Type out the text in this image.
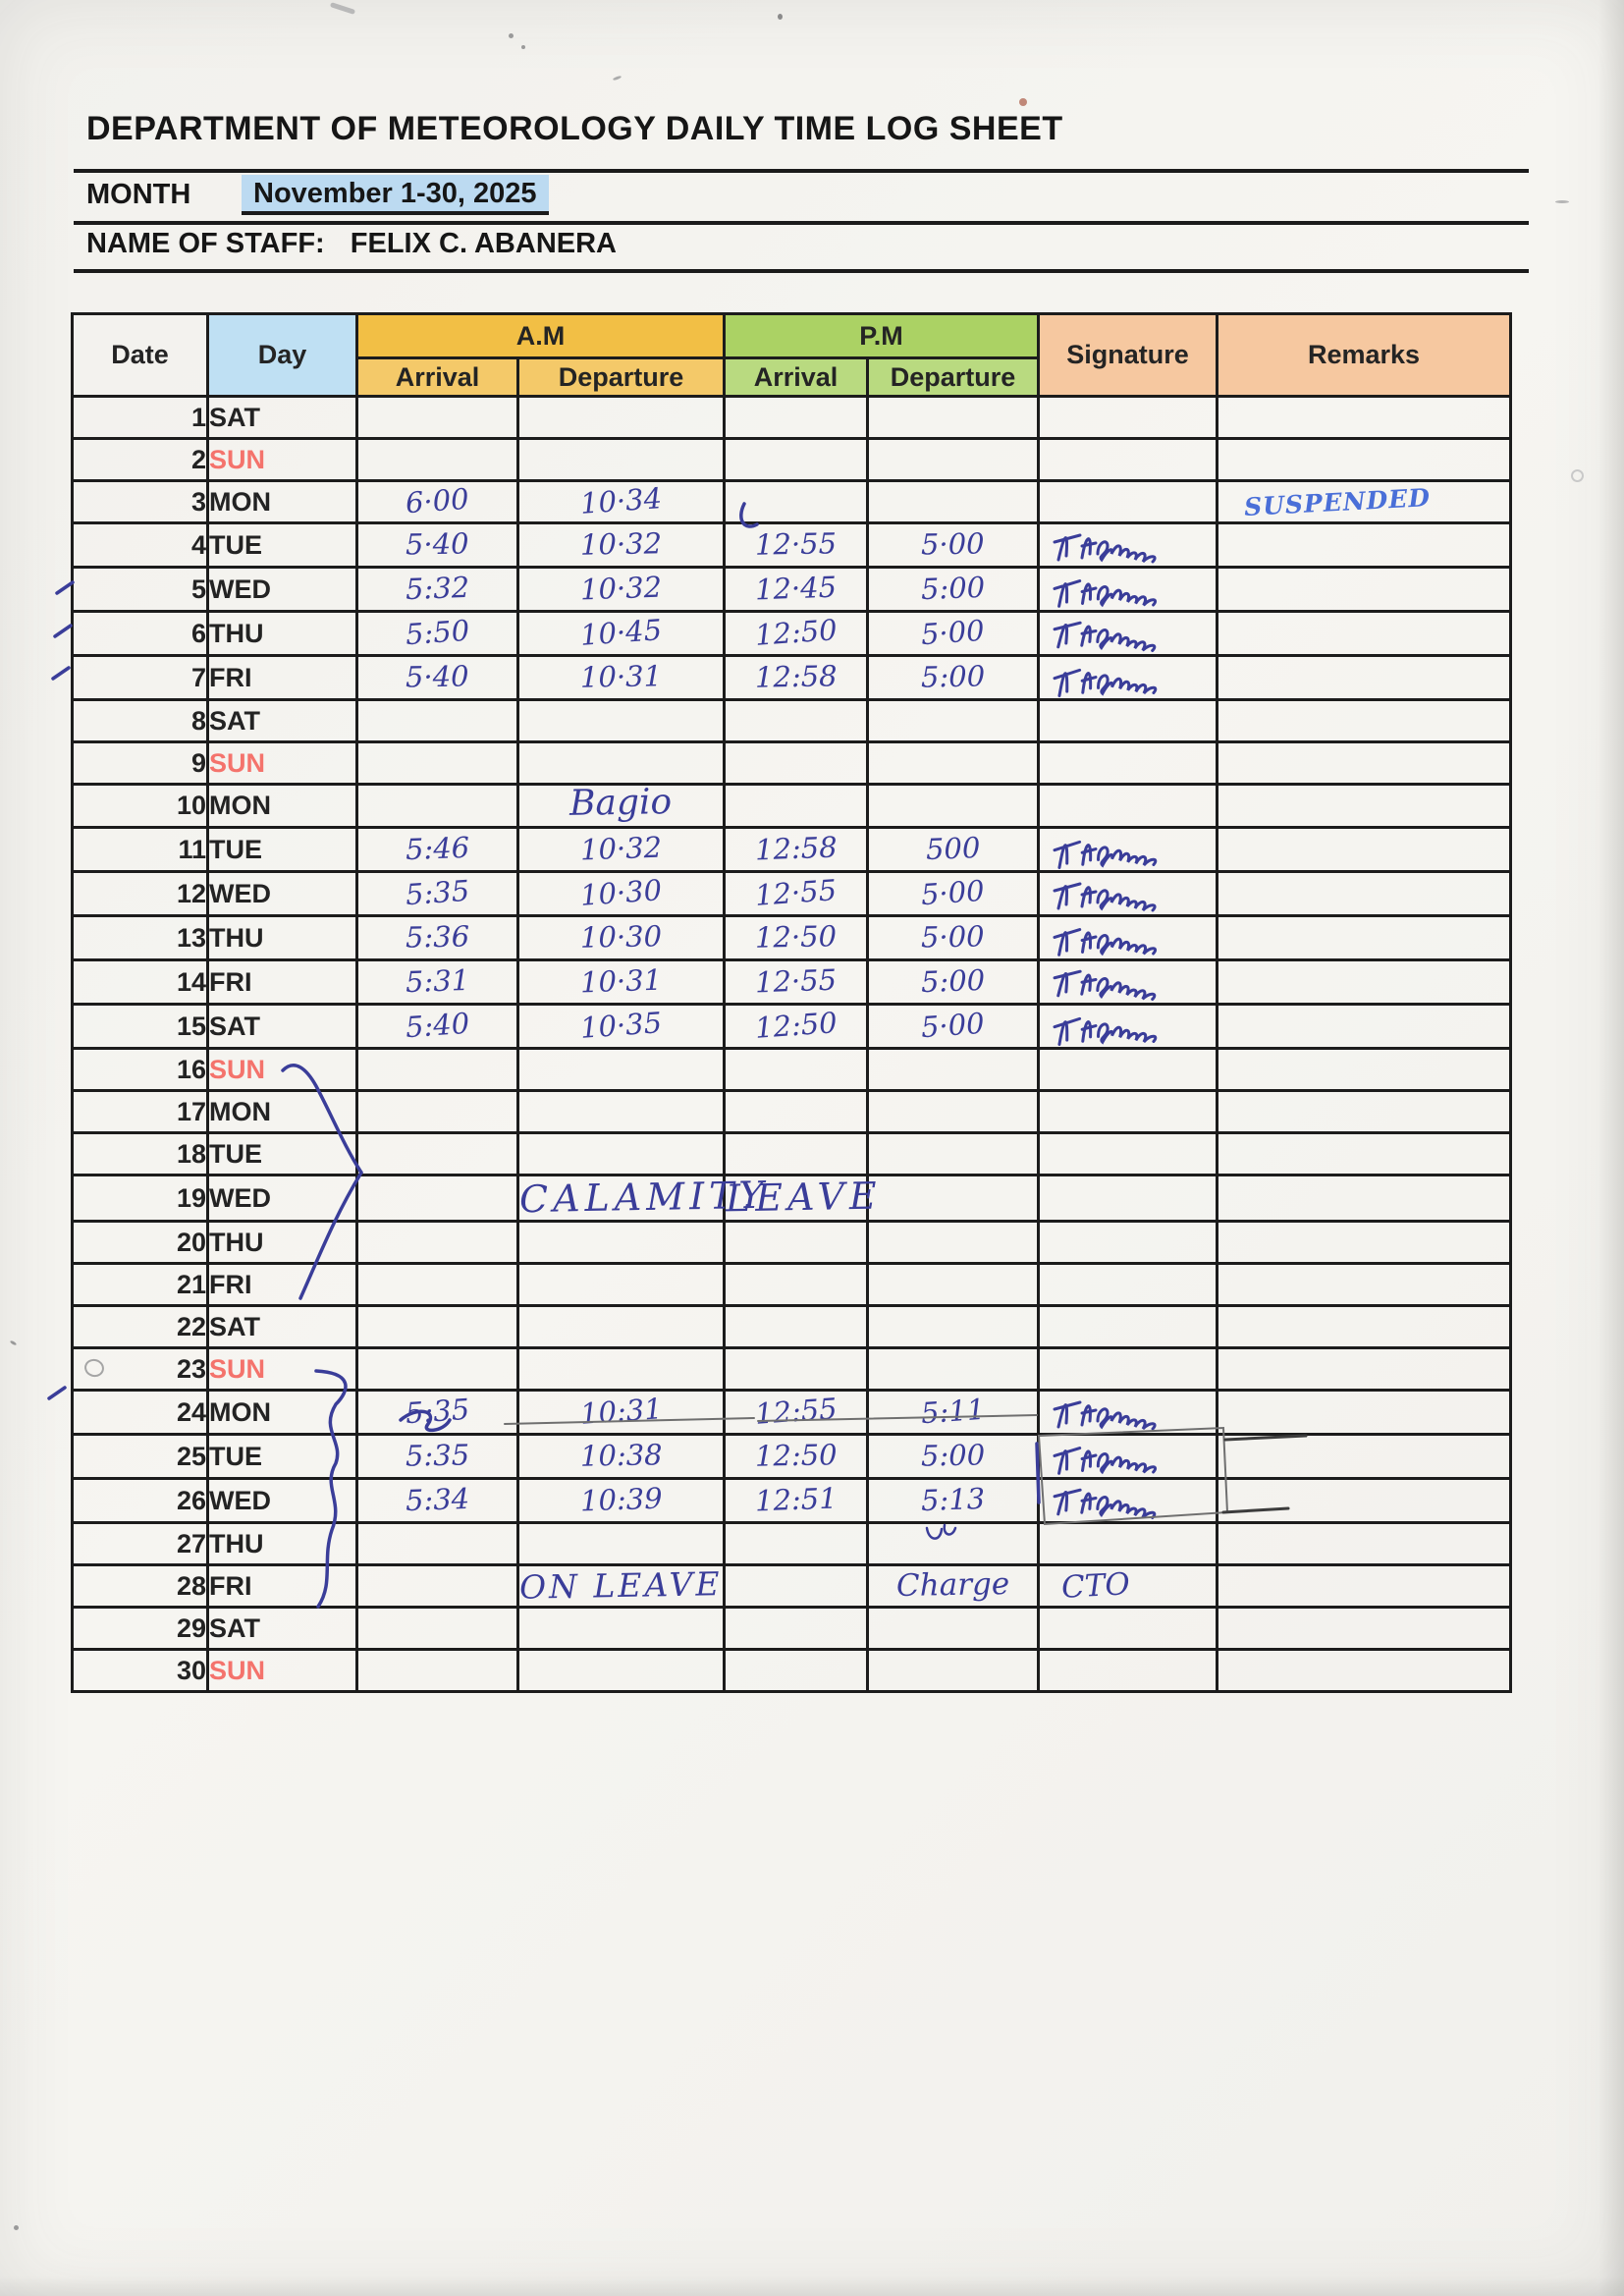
DEPARTMENT OF METEOROLOGY DAILY TIME LOG SHEET
MONTH	November 1-30, 2025
NAME OF STAFF: FELIX C. ABANERA
Date	Day	A.M		P.M		Signature	Remarks
		Arrival	Departure	Arrival	Departure		
1	SAT						
2	SUN						
3	MON	6·00	10·34				SUSPENDED
4	TUE	5·40	10·32	12·55	5·00	

5	WED	5:32	10·32	12·45	5:00	

6	THU	5:50	10·45	12:50	5·00	

7	FRI	5·40	10·31	12:58	5:00	

8	SAT						
9	SUN						
10	MON		Bagio				
11	TUE	5:46	10·32	12:58	500	

12	WED	5:35	10·30	12·55	5·00	

13	THU	5:36	10·30	12·50	5·00	

14	FRI	5:31	10·31	12·55	5:00	

15	SAT	5:40	10·35	12:50	5·00	

16	SUN						
17	MON						
18	TUE						
19	WED		CALAMITY	LEAVE			
20	THU						
21	FRI						
22	SAT						
23	SUN						
24	MON	5:35	10:31	12:55	5:11	

25	TUE	5:35	10:38	12:50	5:00	

26	WED	5:34	10:39	12:51	5:13	

27	THU						
28	FRI		ON LEAVE		Charge	CTO	
29	SAT						
30	SUN						
